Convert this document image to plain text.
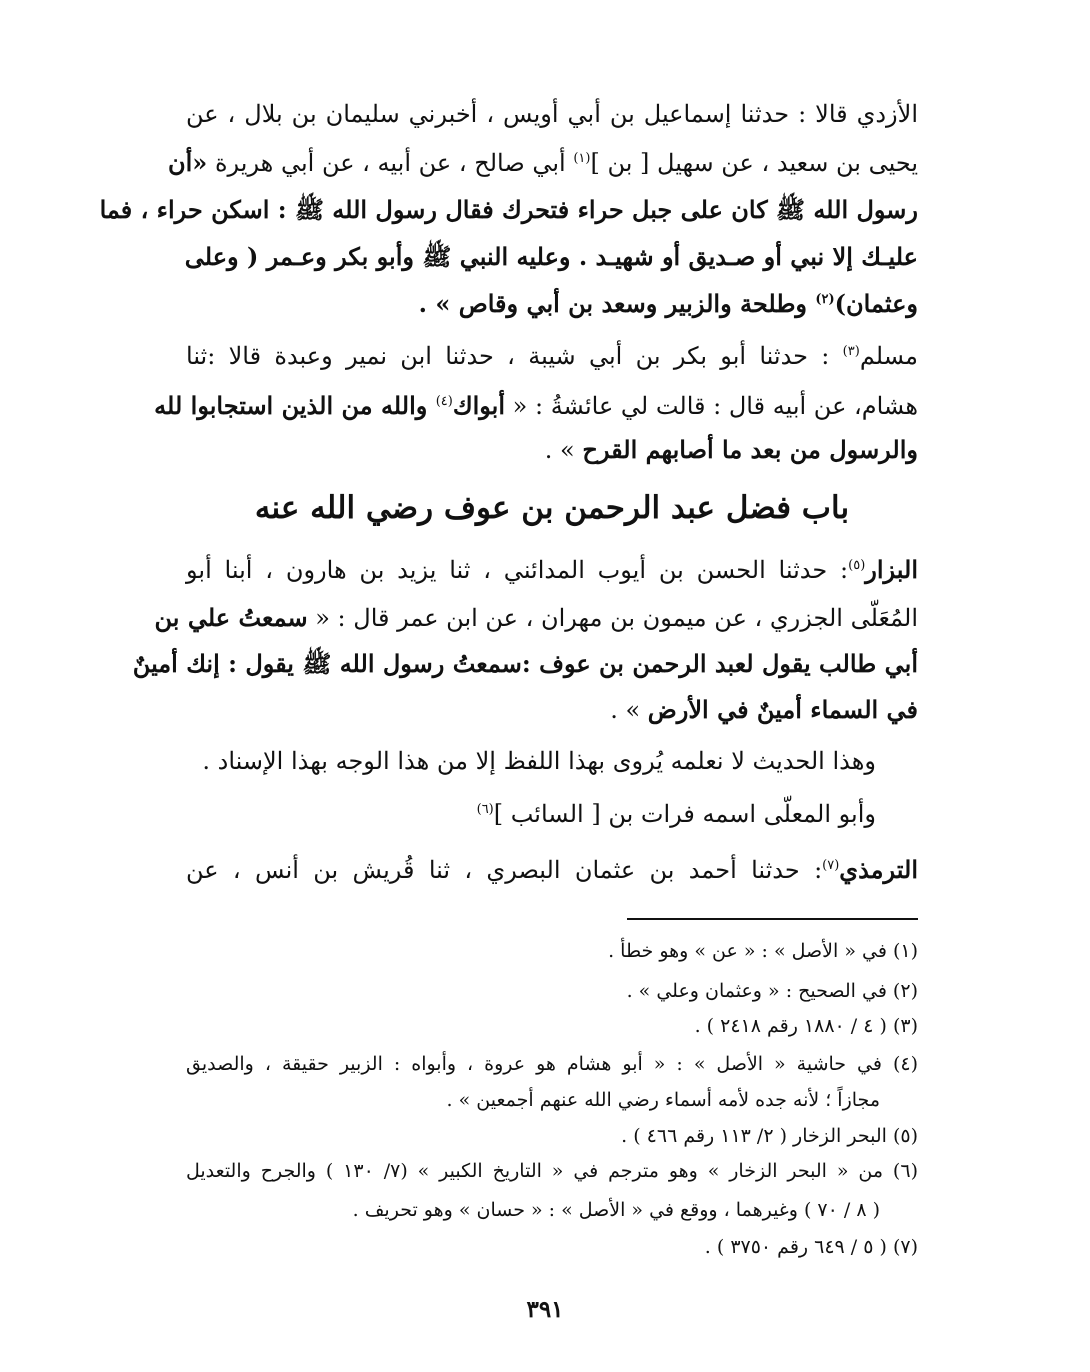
الأزدي قالا : حدثنا إسماعيل بن أبي أويس ، أخبرني سليمان بن بلال ، عن
يحيى بن سعيد ، عن سهيل [ بن ]$^{(١)}$ أبي صالح ، عن أبيه ، عن أبي هريرة «أن
رسول الله ﷺ كان على جبل حراء فتحرك فقال رسول الله ﷺ : اسكن حراء ، فما
عليـك إلا نبي أو صـديق أو شهيـد . وعليه النبي ﷺ وأبو بكر وعـمر ( وعلى
وعثمان)$^{(٢)}$ وطلحة والزبير وسعد بن أبي وقاص » .
مسلم$^{(٣)}$ : حدثنا أبو بكر بن أبي شيبة ، حدثنا ابن نمير وعبدة قالا :ثنا
هشام، عن أبيه قال : قالت لي عائشةُ : « أبواك$^{(٤)}$ والله من الذين استجابوا لله
والرسول من بعد ما أصابهم القرح » .
باب فضل عبد الرحمن بن عوف رضي الله عنه
البزار$^{(٥)}$: حدثنا الحسن بن أيوب المدائني ، ثنا يزيد بن هارون ، أبنا أبو
المُعَلّى الجزري ، عن ميمون بن مهران ، عن ابن عمر قال : « سمعتُ علي بن
أبي طالب يقول لعبد الرحمن بن عوف :سمعتُ رسول الله ﷺ يقول : إنك أمينٌ
في السماء أمينٌ في الأرض » .
وهذا الحديث لا نعلمه يُروى بهذا اللفظ إلا من هذا الوجه بهذا الإسناد .
وأبو المعلّى اسمه فرات بن [ السائب ]$^{(٦)}$
الترمذي$^{(٧)}$: حدثنا أحمد بن عثمان البصري ، ثنا قُريش بن أنس ، عن
(١) في « الأصل » : « عن » وهو خطأ .
(٢) في الصحيح : « وعثمان وعلي » .
(٣) ( ٤ / ١٨٨٠ رقم ٢٤١٨ ) .
(٤) في حاشية « الأصل » : « أبو هشام هو عروة ، وأبواه : الزبير حقيقة ، والصديق
مجازاً ؛ لأنه جده لأمه أسماء رضي الله عنهم أجمعين » .
(٥) البحر الزخار ( ٢/ ١١٣ رقم ٤٦٦ ) .
(٦) من « البحر الزخار » وهو مترجم في « التاريخ الكبير » (٧/ ١٣٠ ) والجرح والتعديل
( ٨ / ٧٠ ) وغيرهما ، ووقع في « الأصل » : « حسان » وهو تحريف .
(٧) ( ٥ / ٦٤٩ رقم ٣٧٥٠ ) .
٣٩١
